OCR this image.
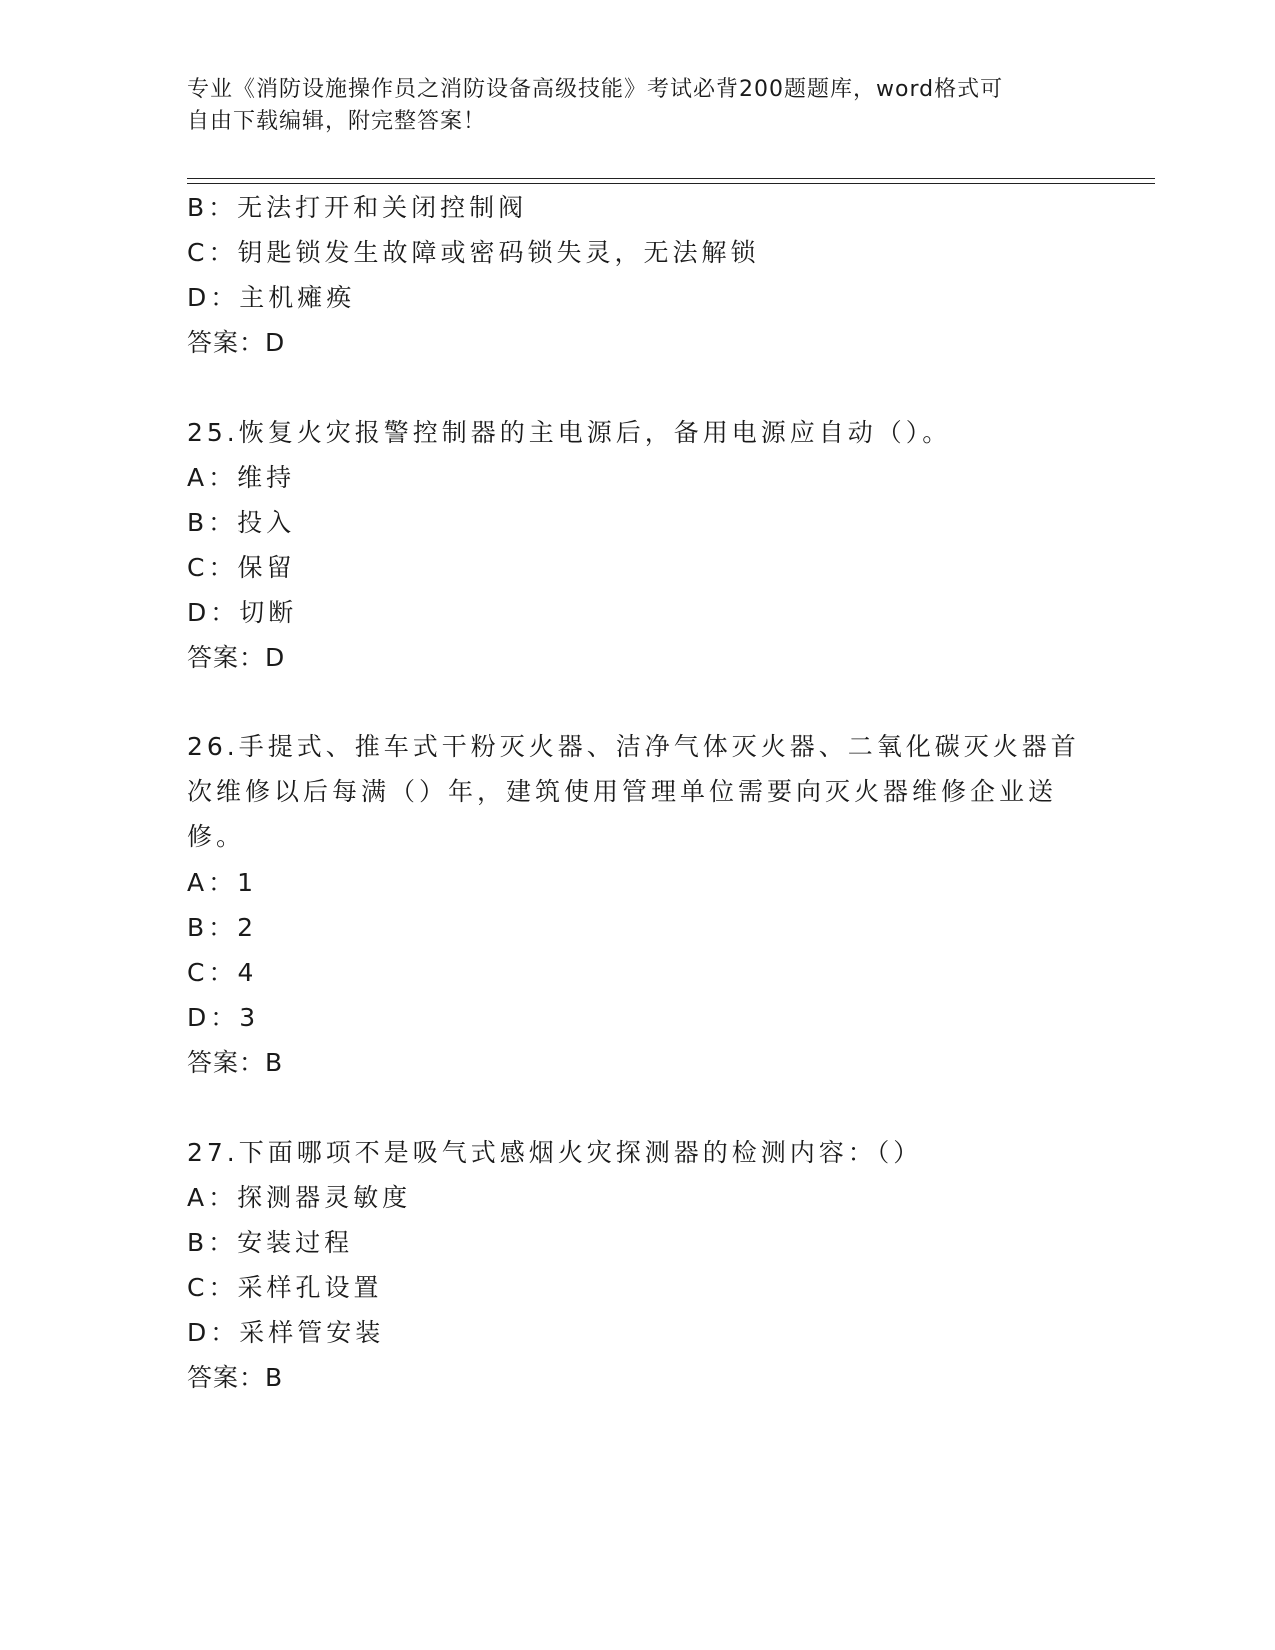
专业《消防设施操作员之消防设备高级技能》考试必背200题题库，word格式可
自由下载编辑，附完整答案！
B：无法打开和关闭控制阀
C：钥匙锁发生故障或密码锁失灵，无法解锁
D：主机瘫痪
答案：D
25.恢复火灾报警控制器的主电源后，备用电源应自动（）。
A：维持
B：投入
C：保留
D：切断
答案：D
26.手提式、推车式干粉灭火器、洁净气体灭火器、二氧化碳灭火器首次维修以后每满（）年，建筑使用管理单位需要向灭火器维修企业送修。
A：1
B：2
C：4
D：3
答案：B
27.下面哪项不是吸气式感烟火灾探测器的检测内容：（）
A：探测器灵敏度
B：安装过程
C：采样孔设置
D：采样管安装
答案：B
